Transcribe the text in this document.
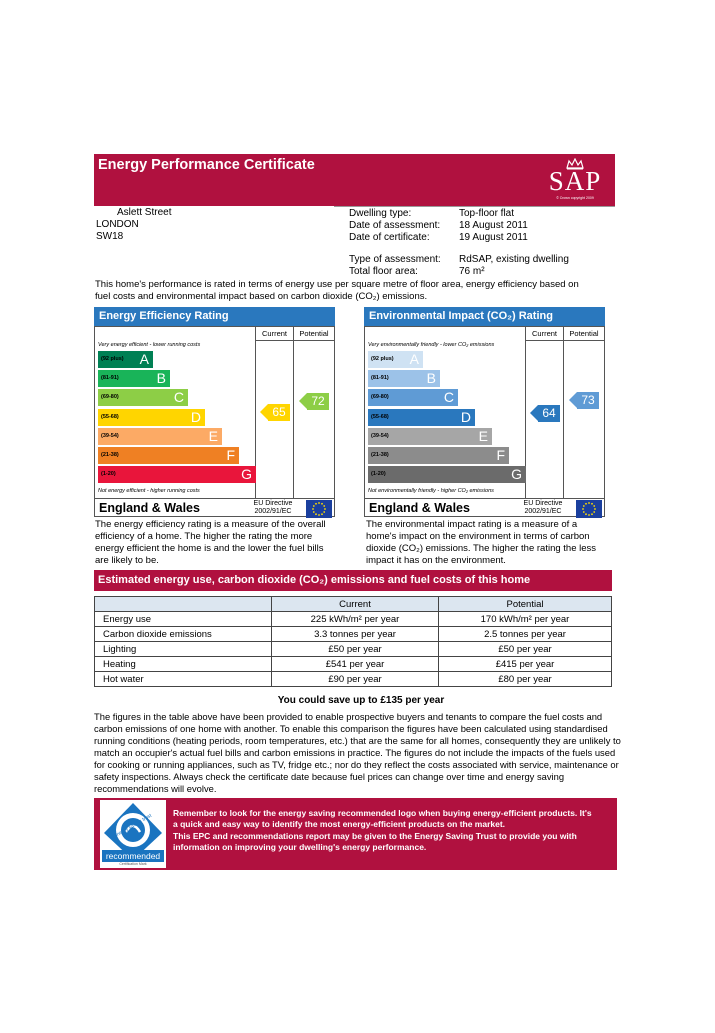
Energy Performance Certificate
SAP
© Crown copyright 2009
Aslett Street
LONDON
SW18
Dwelling type:	Top-floor flat
Date of assessment: 18 August 2011
Date of certificate:	19 August 2011
Type of assessment: RdSAP, existing dwelling
Total floor area:	76 m²
This home's performance is rated in terms of energy use per square metre of floor area, energy efficiency based on fuel costs and environmental impact based on carbon dioxide (CO₂) emissions.
Energy Efficiency Rating
Current	Potential
Very energy efficient - lower running costs
Not energy efficient - higher running costs
(92 plus) A
(81-91)	B
(69-80)	C
(55-68)	D
(39-54)	E
(21-38)	F
(1-20)	G
65
72
England & Wales	EU Directive 2002/91/EC
Environmental Impact (CO₂) Rating
Current	Potential
Very environmentally friendly - lower CO₂ emissions
Not environmentally friendly - higher CO₂ emissions
(92 plus) A
(81-91)	B
(69-80)	C
(55-68)	D
(39-54)	E
(21-38)	F
(1-20)	G
64
73
England & Wales	EU Directive 2002/91/EC
The energy efficiency rating is a measure of the overall efficiency of a home. The higher the rating the more energy efficient the home is and the lower the fuel bills are likely to be.
The environmental impact rating is a measure of a home's impact on the environment in terms of carbon dioxide (CO₂) emissions. The higher the rating the less impact it has on the environment.
Estimated energy use, carbon dioxide (CO₂) emissions and fuel costs of this home
	Current	Potential
Energy use	225 kWh/m² per year	170 kWh/m² per year
Carbon dioxide emissions	3.3 tonnes per year	2.5 tonnes per year
Lighting	£50 per year	£50 per year
Heating	£541 per year	£415 per year
Hot water	£90 per year	£80 per year
You could save up to £135 per year
The figures in the table above have been provided to enable prospective buyers and tenants to compare the fuel costs and carbon emissions of one home with another. To enable this comparison the figures have been calculated using standardised running conditions (heating periods, room temperatures, etc.) that are the same for all homes, consequently they are unlikely to match an occupier's actual fuel bills and carbon emissions in practice. The figures do not include the impacts of the fuels used for cooking or running appliances, such as TV, fridge etc.; nor do they reflect the costs associated with service, maintenance or safety inspections. Always check the certificate date because fuel prices can change over time and energy saving recommendations will evolve.
energy saving trust
recommended
Certification Mark
Remember to look for the energy saving recommended logo when buying energy-efficient products. It's a quick and easy way to identify the most energy-efficient products on the market.
This EPC and recommendations report may be given to the Energy Saving Trust to provide you with information on improving your dwelling's energy performance.
